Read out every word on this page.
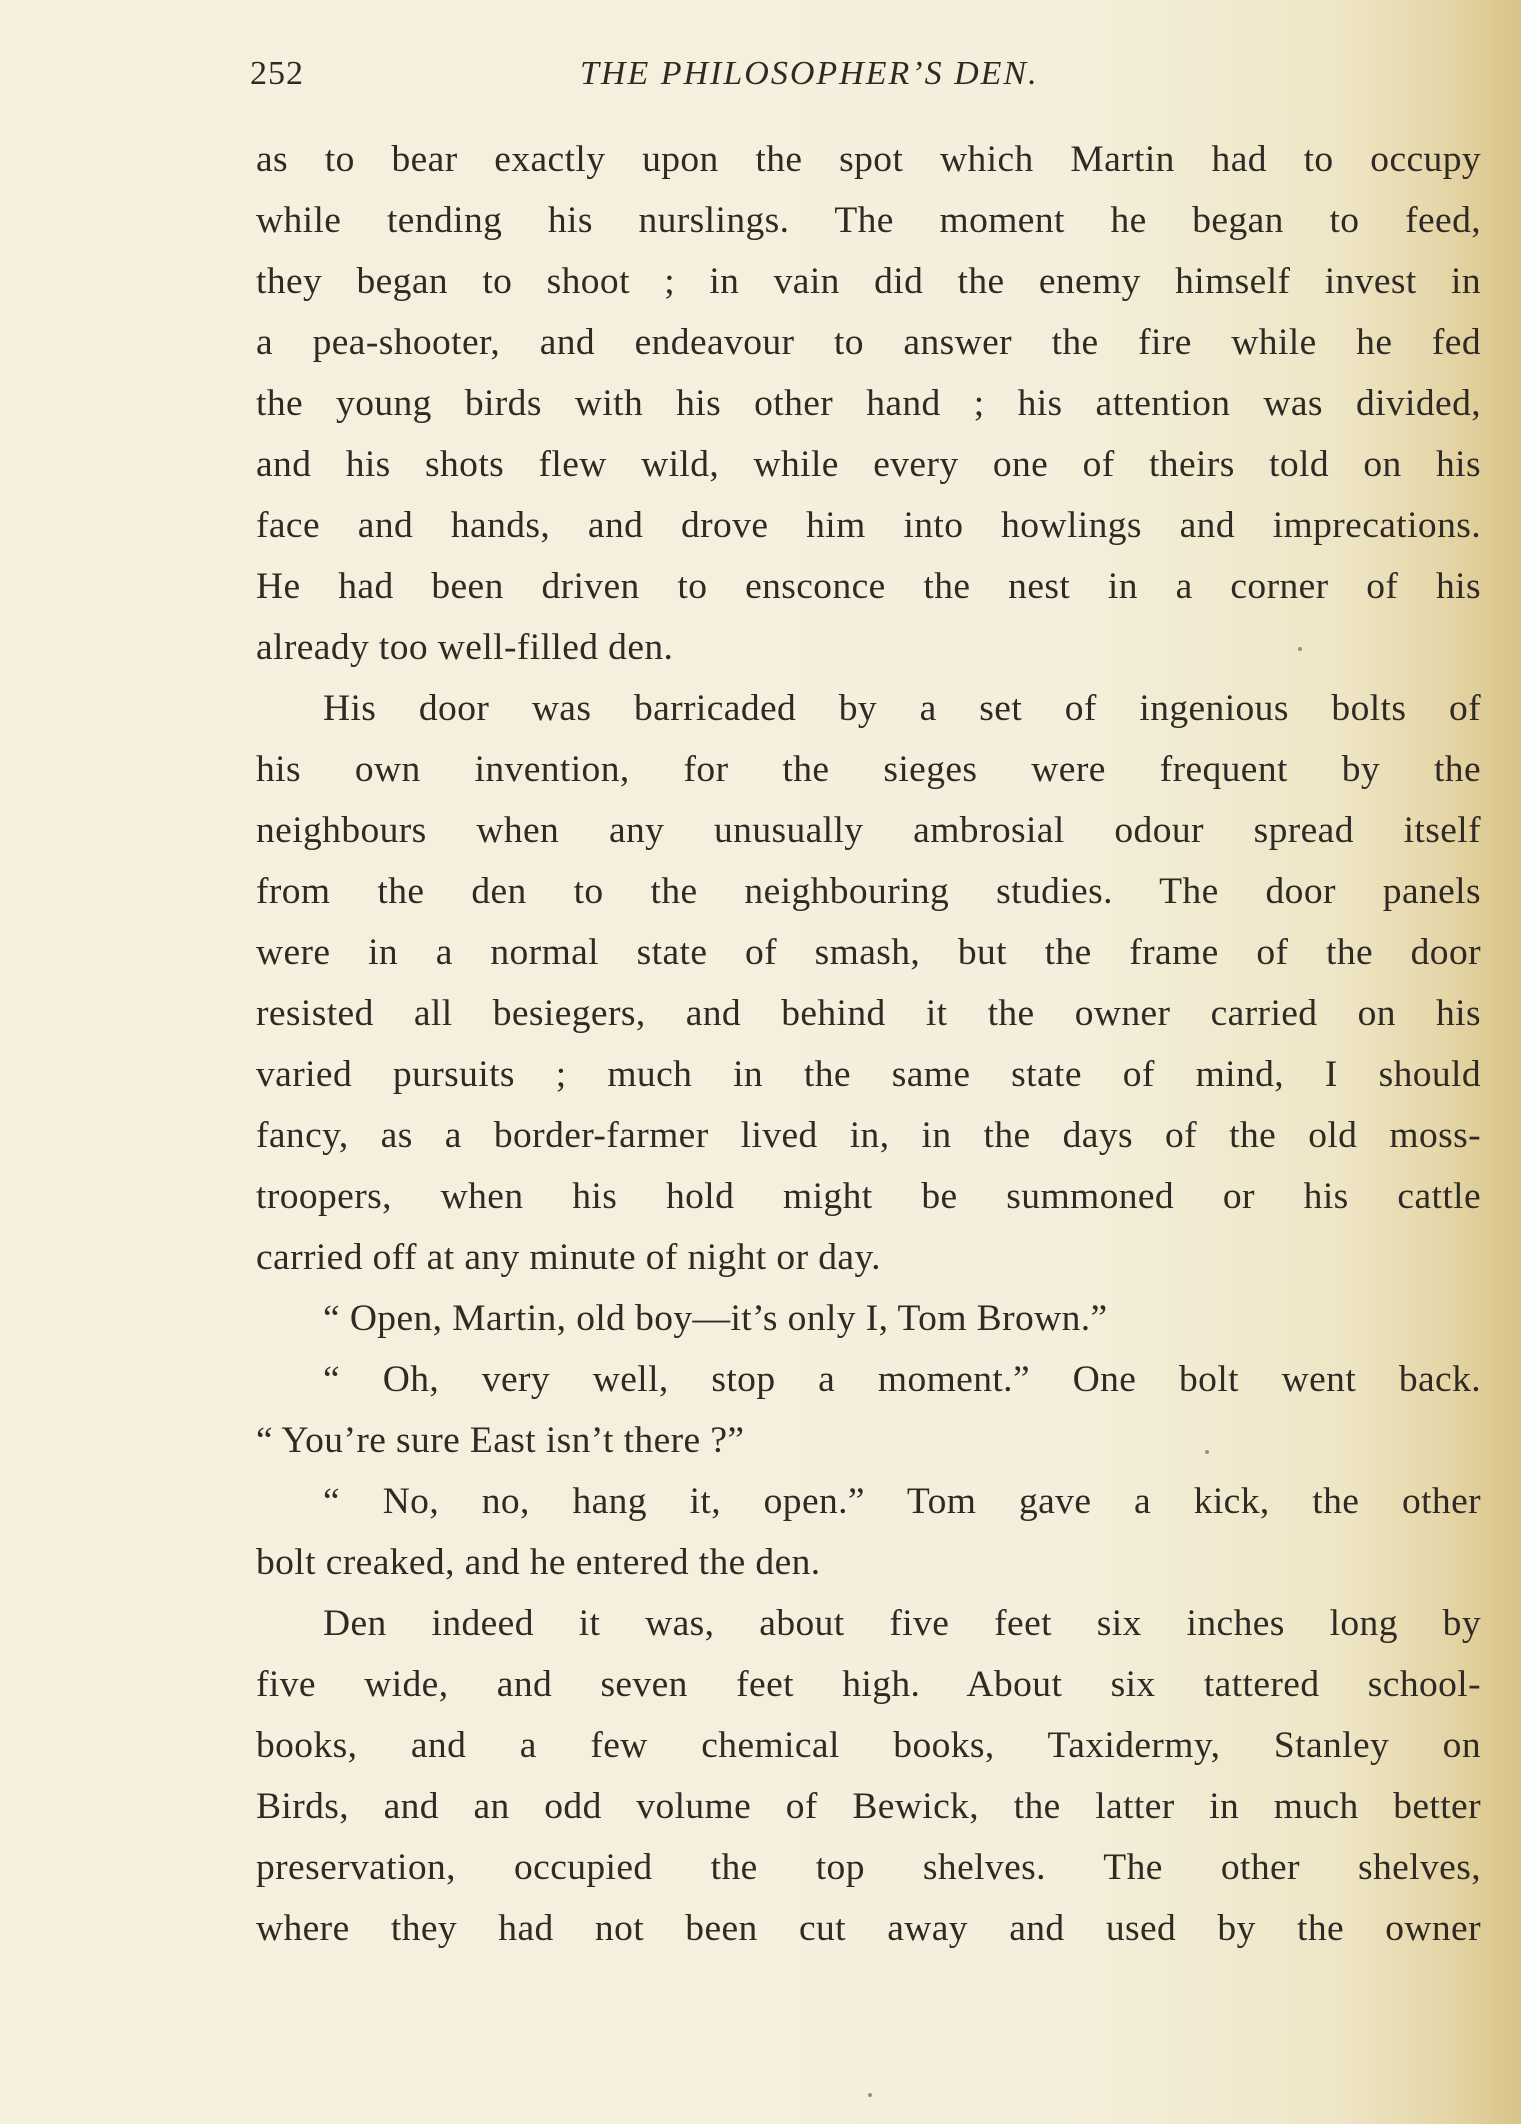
252	THE PHILOSOPHER’S DEN.
as to bear exactly upon the spot which Martin had to occupy
while tending his nurslings. The moment he began to feed,
they began to shoot ; in vain did the enemy himself invest in
a pea-shooter, and endeavour to answer the fire while he fed
the young birds with his other hand ; his attention was divided,
and his shots flew wild, while every one of theirs told on his
face and hands, and drove him into howlings and imprecations.
He had been driven to ensconce the nest in a corner of his
already too well-filled den.
His door was barricaded by a set of ingenious bolts of
his own invention, for the sieges were frequent by the
neighbours when any unusually ambrosial odour spread itself
from the den to the neighbouring studies. The door panels
were in a normal state of smash, but the frame of the door
resisted all besiegers, and behind it the owner carried on his
varied pursuits ; much in the same state of mind, I should
fancy, as a border-farmer lived in, in the days of the old moss-
troopers, when his hold might be summoned or his cattle
carried off at any minute of night or day.
“ Open, Martin, old boy—it’s only I, Tom Brown.”
“ Oh, very well, stop a moment.” One bolt went back.
“ You’re sure East isn’t there ?”
“ No, no, hang it, open.” Tom gave a kick, the other
bolt creaked, and he entered the den.
Den indeed it was, about five feet six inches long by
five wide, and seven feet high. About six tattered school-
books, and a few chemical books, Taxidermy, Stanley on
Birds, and an odd volume of Bewick, the latter in much better
preservation, occupied the top shelves. The other shelves,
where they had not been cut away and used by the owner
